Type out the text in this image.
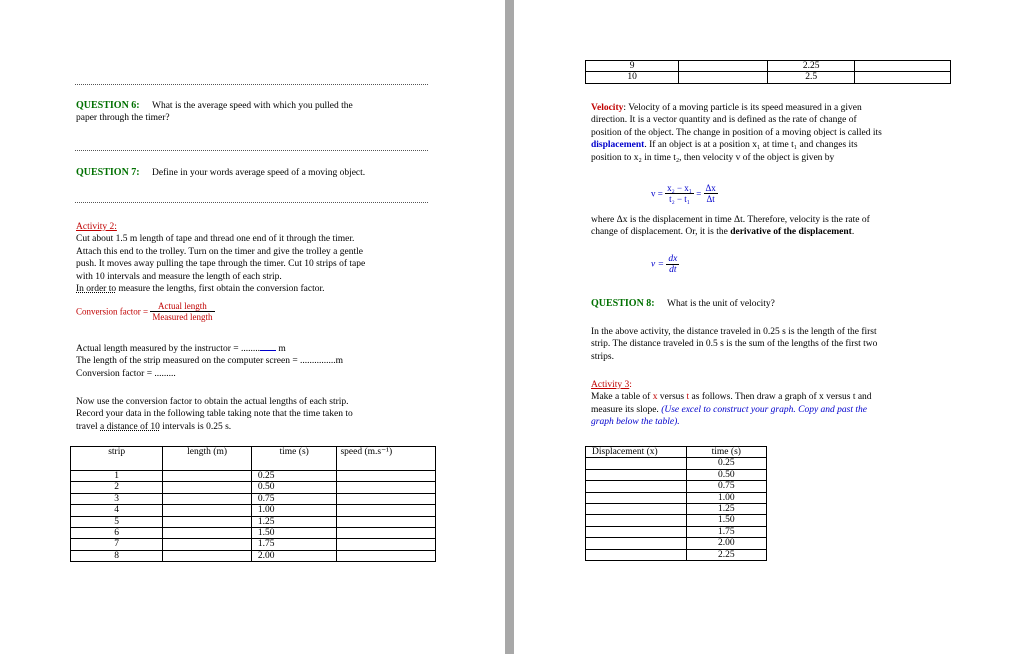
QUESTION 6: What is the average speed with which you pulled the
paper through the timer?
QUESTION 7: Define in your words average speed of a moving object.
Activity 2:
Cut about 1.5 m length of tape and thread one end of it through the timer.
Attach this end to the trolley. Turn on the timer and give the trolley a gentle
push. It moves away pulling the tape through the timer. Cut 10 strips of tape
with 10 intervals and measure the length of each strip.
In order to measure the lengths, first obtain the conversion factor.
Conversion factor =
Actual length
Measured length
Actual length measured by the instructor = ........ m
The length of the strip measured on the computer screen = ...............m
Conversion factor = .........
Now use the conversion factor to obtain the actual lengths of each strip.
Record your data in the following table taking note that the time taken to
travel a distance of 10 intervals is 0.25 s.
strip	length (m)	time (s)	speed (m.s⁻¹)
1		0.25	
2		0.50	
3		0.75	
4		1.00	
5		1.25	
6		1.50	
7		1.75	
8		2.00	
9		2.25	
10		2.5	
Velocity: Velocity of a moving particle is its speed measured in a given
direction. It is a vector quantity and is defined as the rate of change of
position of the object. The change in position of a moving object is called its
displacement. If an object is at a position x₁ at time t₁ and changes its
position to x₂ in time t₂, then velocity v of the object is given by
$v = \frac{\text{x₂ − x₁}}{\text{t₂ − t₁}} = \frac{\Delta x}{\Delta t}$
where Δx is the displacement in time Δt. Therefore, velocity is the rate of
change of displacement. Or, it is the derivative of the displacement.
$v = \frac{dx}{dt}$
QUESTION 8: What is the unit of velocity?
In the above activity, the distance traveled in 0.25 s is the length of the first
strip. The distance traveled in 0.5 s is the sum of the lengths of the first two
strips.
Activity 3:
Make a table of x versus t as follows. Then draw a graph of x versus t and
measure its slope. (Use excel to construct your graph. Copy and past the
graph below the table).
Displacement (x)	time (s)
	0.25
	0.50
	0.75
	1.00
	1.25
	1.50
	1.75
	2.00
	2.25
